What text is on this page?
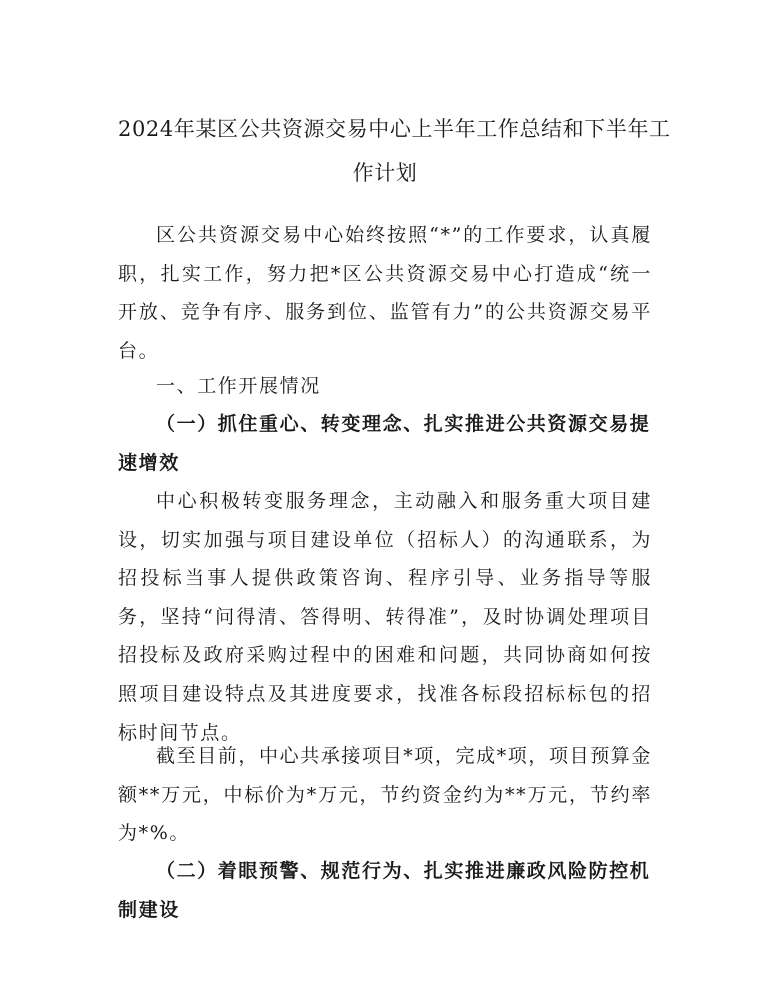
2024年某区公共资源交易中心上半年工作总结和下半年工
作计划

区公共资源交易中心始终按照“*”的工作要求，认真履职，扎实工作，努力把*区公共资源交易中心打造成“统一开放、竞争有序、服务到位、监管有力”的公共资源交易平台。

一、工作开展情况

（一）抓住重心、转变理念、扎实推进公共资源交易提速增效

中心积极转变服务理念，主动融入和服务重大项目建设，切实加强与项目建设单位（招标人）的沟通联系，为招投标当事人提供政策咨询、程序引导、业务指导等服务，坚持“问得清、答得明、转得准”，及时协调处理项目招投标及政府采购过程中的困难和问题，共同协商如何按照项目建设特点及其进度要求，找准各标段招标标包的招标时间节点。

截至目前，中心共承接项目*项，完成*项，项目预算金额**万元，中标价为*万元，节约资金约为**万元，节约率为*%。

（二）着眼预警、规范行为、扎实推进廉政风险防控机制建设
